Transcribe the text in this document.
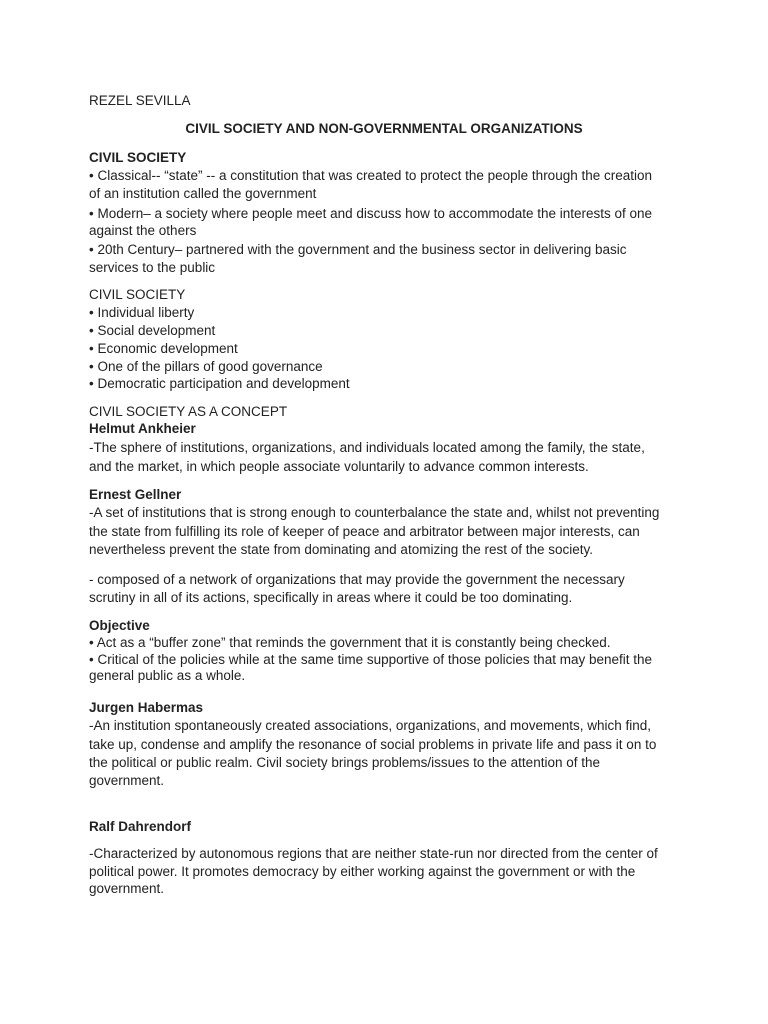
REZEL SEVILLA
CIVIL SOCIETY AND NON-GOVERNMENTAL ORGANIZATIONS
CIVIL SOCIETY
• Classical-- “state” -- a constitution that was created to protect the people through the creation
of an institution called the government
• Modern– a society where people meet and discuss how to accommodate the interests of one
against the others
• 20th Century– partnered with the government and the business sector in delivering basic
services to the public
CIVIL SOCIETY
• Individual liberty
• Social development
• Economic development
• One of the pillars of good governance
• Democratic participation and development
CIVIL SOCIETY AS A CONCEPT
Helmut Ankheier
-The sphere of institutions, organizations, and individuals located among the family, the state,
and the market, in which people associate voluntarily to advance common interests.
Ernest Gellner
-A set of institutions that is strong enough to counterbalance the state and, whilst not preventing
the state from fulfilling its role of keeper of peace and arbitrator between major interests, can
nevertheless prevent the state from dominating and atomizing the rest of the society.
- composed of a network of organizations that may provide the government the necessary
scrutiny in all of its actions, specifically in areas where it could be too dominating.
Objective
• Act as a “buffer zone” that reminds the government that it is constantly being checked.
• Critical of the policies while at the same time supportive of those policies that may benefit the
general public as a whole.
Jurgen Habermas
-An institution spontaneously created associations, organizations, and movements, which find,
take up, condense and amplify the resonance of social problems in private life and pass it on to
the political or public realm. Civil society brings problems/issues to the attention of the
government.
Ralf Dahrendorf
-Characterized by autonomous regions that are neither state-run nor directed from the center of
political power. It promotes democracy by either working against the government or with the
government.
